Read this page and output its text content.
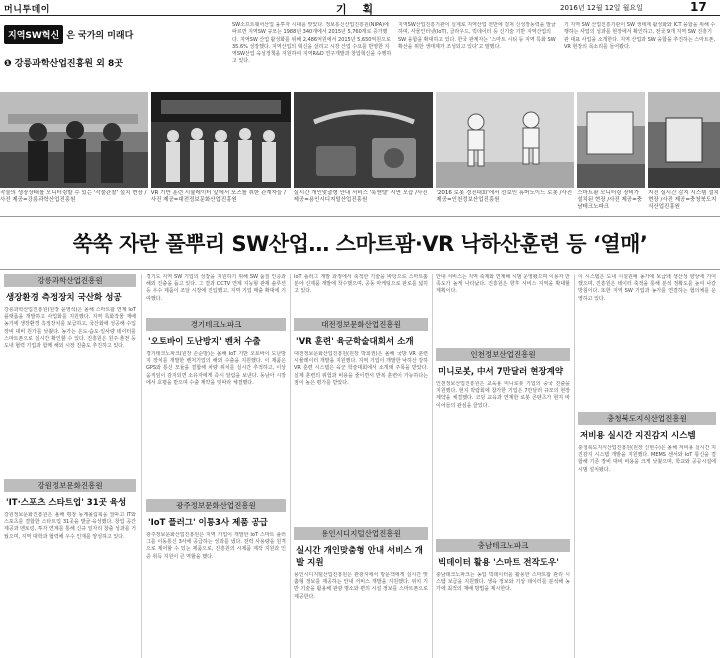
머니투데이	기 획	2016년 12월 12일 월요일	17
지역SW혁신 은 국가의 미래다
❶ 강릉과학산업진흥원 외 8곳
SW소프트웨어산업 융투자 시대를 맞았다. 정보통신산업진흥원(NIPA)에 따르면 지역SW 규모는 1988년 340개에서 2015년 5,760개로 증가했다. 지역SW 산업 활성화를 위해 2,486억원에서 2015년 5,650억원으로 35.6% 성장했다. 지역산업의 혁신을 살리고 시장 산업 수요를 반영한 지역SW산업 육성정책을 지원하여 지역R&D 연구개발과 창업혁신을 수행하고 있다.
지역SW산업진흥기관이 실제로 지역산업 전반에 걸쳐 신성장동력을 발굴하며, 사물인터넷(IoT), 클라우드, 빅데이터 등 신기술 기반 지역산업의 SW 융합을 확대하고 있다. 한국 관계자는 ‘스마트 시티 등 지역 특화 SW 확산을 위한 생태계가 조성되고 있다’고 말했다.
기 지역 SW 산업진흥기관이 SW 생태계 활성화와 ICT 융합을 위해 수행하는 사업의 성과를 현장에서 확인하고, 전국 9개 지역 SW 진흥기관 대표 사업을 소개한다. 지역 산업과 SW 융합을 추진하는 스마트폰, VR 현장의 목소리를 들어봤다.
작물의 생장상태를 모니터링할 수 있는 '작물관찰' 설치 현장 /사진 제공=강릉과학산업진흥원
VR 기반 훈련 시뮬레이터 앞에서 포즈를 취한 관계자들 /사진 제공=대전정보문화산업진흥원
실시간 개인맞춤형 안내 서비스 '룩앤텔' 시연 모습 /사진 제공=용인시디지털산업진흥원
'2016 로봇 경진대회'에서 선보인 휴머노이드 로봇 /사진 제공=인천정보산업진흥원
스마트팜 모니터링 장비가 설치된 현장 /사진 제공=충남테크노파크
지진 실시간 감지 시스템 설치 현장 /사진 제공=충청북도지식산업진흥원
쑥쑥 자란 풀뿌리 SW산업… 스마트팜·VR 낙하산훈련 등 ‘열매’
강릉과학산업진흥원
생장환경 측정장치 국산화 성공
강릉과학산업진흥원(원장 윤영석)은 올해 스마트팜 연계 IoT 플랫폼을 개발하고 사업화를 지원했다. 지역 특화작물 재배 농가에 생장환경 측정장치를 보급하고, 국산화에 성공해 수입 장비 대비 원가를 낮췄다. 농가는 온도·습도·일사량 데이터를 스마트폰으로 실시간 확인할 수 있다. 진흥원은 원주·춘천 등 도내 협력 기업과 함께 해외 시장 진출도 추진하고 있다.
강원정보문화진흥원
'IT·스포츠 스타트업' 31곳 육성
강원정보문화진흥원은 올해 평창 동계올림픽을 앞두고 IT와 스포츠를 결합한 스타트업 31곳을 발굴·육성했다. 창업 공간 제공과 멘토링, 투자 연계를 통해 신규 일자리 창출 성과를 거뒀으며, 지역 대학과 협력해 우수 인재를 양성하고 있다.
경기도 지역 SW 기업의 성장을 지원하기 위해 SW 품질 인증과 해외 진출을 돕고 있다. 그 결과 CCTV 연계 지능형 관제 솔루션 등 우수 제품이 조달 시장에 진입했고, 지역 기업 매출 확대에 기여했다.
경기테크노파크
'오토바이 도난방지' 벤처 수출
경기테크노파크(원장 손순방)는 올해 IoT 기반 오토바이 도난방지 장치를 개발한 벤처기업의 해외 수출을 지원했다. 이 제품은 GPS와 통신 모듈을 결합해 차량 위치를 실시간 추적하고, 이상 움직임이 감지되면 소유자에게 즉시 알림을 보낸다. 동남아 시장에서 호평을 받으며 수출 계약을 잇따라 체결했다.
광주정보문화산업진흥원
'IoT 플러그' 이통3사 제품 공급
광주정보문화산업진흥원은 지역 기업이 개발한 IoT 스마트 플러그를 이동통신 3사에 공급하는 성과를 냈다. 전력 사용량을 원격으로 제어할 수 있는 제품으로, 진흥원의 시제품 제작 지원과 인증 취득 지원이 큰 역할을 했다.
IoT 플러그 개발 과정에서 축적한 기술을 바탕으로 스마트홈 분야 신제품 개발에 착수했으며, 공동 마케팅으로 판로를 넓히고 있다.
대전정보문화산업진흥원
'VR 훈련' 육군학술대회서 소개
대전정보문화산업진흥원(원장 박희권)은 올해 국방 VR 훈련 시뮬레이터 개발을 지원했다. 지역 기업이 개발한 낙하산 강하 VR 훈련 시스템은 육군 학술대회에서 소개돼 주목을 받았다. 실제 훈련의 위험과 비용을 줄이면서 반복 훈련이 가능하다는 점이 높은 평가를 받았다.
용인시디지털산업진흥원
실시간 개인맞춤형 안내 서비스 개발 지원
용인시디지털산업진흥원은 관광지에서 방문객에게 실시간 맞춤형 정보를 제공하는 안내 서비스 개발을 지원했다. 위치 기반 기술을 활용해 관광 명소와 편의 시설 정보를 스마트폰으로 제공한다.
안내 서비스는 지역 축제와 연계해 시범 운영됐으며 이용자 만족도가 높게 나타났다. 진흥원은 향후 서비스 지역을 확대할 계획이다.
인천정보산업진흥원
미니로봇, 中서 7만달러 현장계약
인천정보산업진흥원은 교육용 미니로봇 기업의 중국 진출을 지원했다. 현지 박람회에 참가한 기업은 7만달러 규모의 현장 계약을 체결했다. 코딩 교육과 연계한 로봇 콘텐츠가 현지 바이어들의 관심을 끌었다.
충남테크노파크
빅데이터 활용 '스마트 전작도우'
충남테크노파크는 농업 빅데이터를 활용한 스마트팜 관리 시스템 보급을 지원했다. 생육 정보와 기상 데이터를 분석해 농가에 최적의 재배 방법을 제시한다.
이 시스템은 도내 시설원예 농가에 보급돼 생산성 향상에 기여했으며, 진흥원은 데이터 축적을 통해 분석 정확도를 높여 나갈 방침이다. 또한 지역 SW 기업과 농가를 연결하는 협의체를 운영하고 있다.
충청북도지식산업진흥원
저비용 실시간 지진감지 시스템
충청북도지식산업진흥원(원장 신현수)은 올해 저비용 실시간 지진감지 시스템 개발을 지원했다. MEMS 센서와 IoT 통신을 결합해 기존 장비 대비 비용을 크게 낮췄으며, 학교와 공공시설에 시범 설치됐다.
